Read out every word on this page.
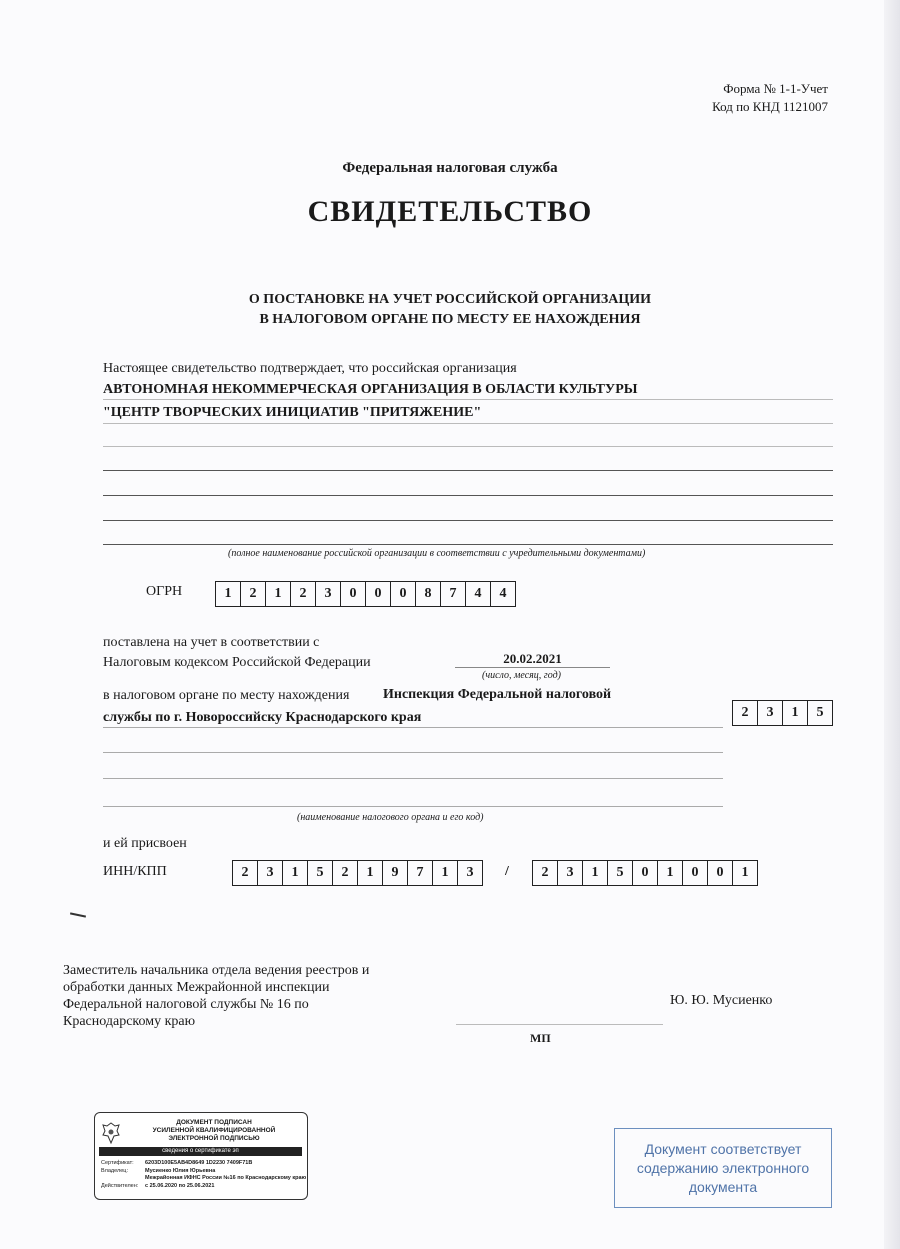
Форма № 1-1-Учет
Код по КНД 1121007
Федеральная налоговая служба
СВИДЕТЕЛЬСТВО
О ПОСТАНОВКЕ НА УЧЕТ РОССИЙСКОЙ ОРГАНИЗАЦИИ
В НАЛОГОВОМ ОРГАНЕ ПО МЕСТУ ЕЕ НАХОЖДЕНИЯ
Настоящее свидетельство подтверждает, что российская организация
АВТОНОМНАЯ НЕКОММЕРЧЕСКАЯ ОРГАНИЗАЦИЯ В ОБЛАСТИ КУЛЬТУРЫ
"ЦЕНТР ТВОРЧЕСКИХ ИНИЦИАТИВ "ПРИТЯЖЕНИЕ"
(полное наименование российской организации в соответствии с учредительными документами)
ОГРН	1	2	1	2	3	0	0	0	8	7	4	4
поставлена на учет в соответствии с
Налоговым кодексом Российской Федерации	20.02.2021
(число, месяц, год)
в налоговом органе по месту нахождения Инспекция Федеральной налоговой
службы по г. Новороссийску Краснодарского края	2	3	1	5
(наименование налогового органа и его код)
и ей присвоен
ИНН/КПП	2	3	1	5	2	1	9	7	1	3	/	2	3	1	5	0	1	0	0	1
Заместитель начальника отдела ведения реестров и
обработки данных Межрайонной инспекции
Федеральной налоговой службы № 16 по
Краснодарскому краю
Ю. Ю. Мусиенко
МП
ДОКУМЕНТ ПОДПИСАН
УСИЛЕННОЙ КВАЛИФИЦИРОВАННОЙ
ЭЛЕКТРОННОЙ ПОДПИСЬЮ
сведения о сертификате эп
Сертификат: 6203D100E5AB4D8649 1D2230 7409F71B
Владелец:	Мусиенко Юлия Юрьевна
Межрайонная ИФНС России №16 по Краснодарскому краю
Действителен: с 25.06.2020 по 25.06.2021
Документ соответствует
содержанию электронного
документа
